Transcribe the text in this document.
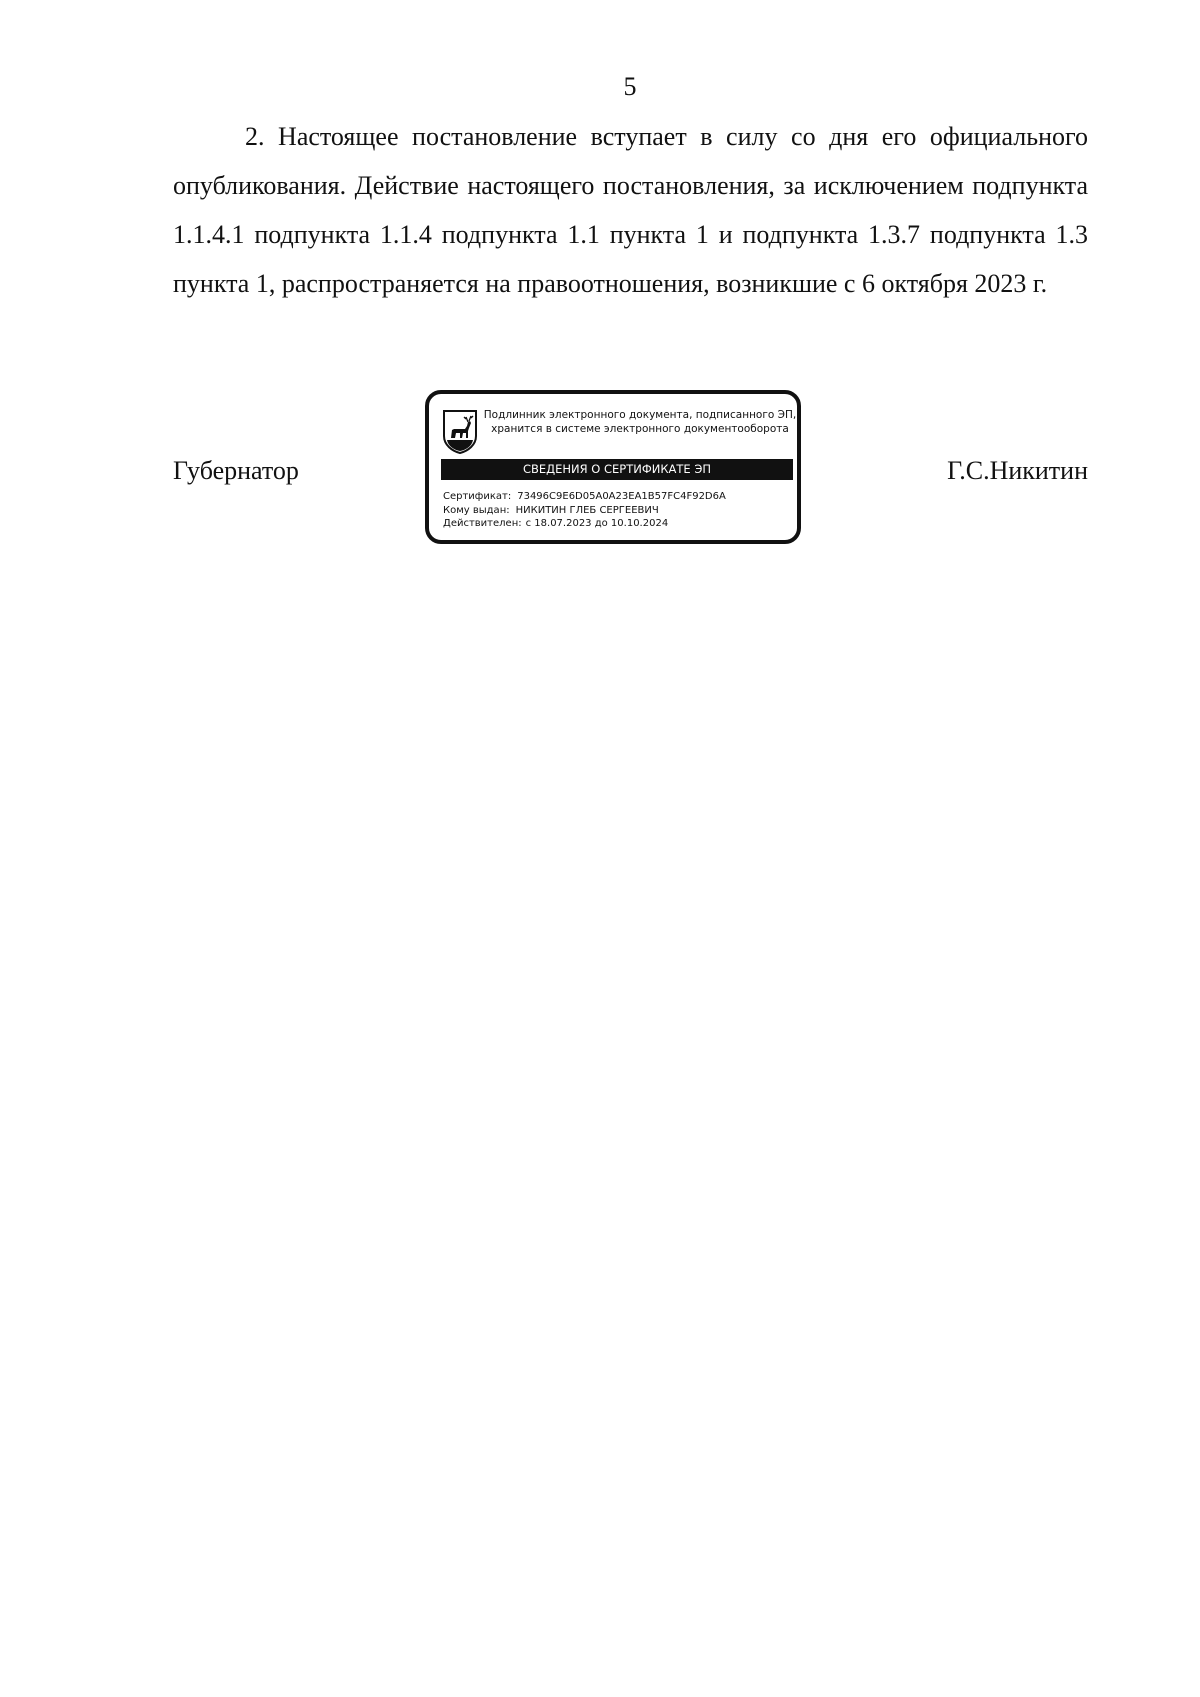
5

2. Настоящее постановление вступает в силу со дня его официального опубликования. Действие настоящего постановления, за исключением подпункта 1.1.4.1 подпункта 1.1.4 подпункта 1.1 пункта 1 и подпункта 1.3.7 подпункта 1.3 пункта 1, распространяется на правоотношения, возникшие с 6 октября 2023 г.

Губернатор
Подлинник электронного документа, подписанного ЭП,
хранится в системе электронного документооборота
СВЕДЕНИЯ О СЕРТИФИКАТЕ ЭП
Сертификат: 73496C9E6D05A0A23EA1B57FC4F92D6A
Кому выдан: НИКИТИН ГЛЕБ СЕРГЕЕВИЧ
Действителен: с 18.07.2023 до 10.10.2024
Г.С.Никитин
